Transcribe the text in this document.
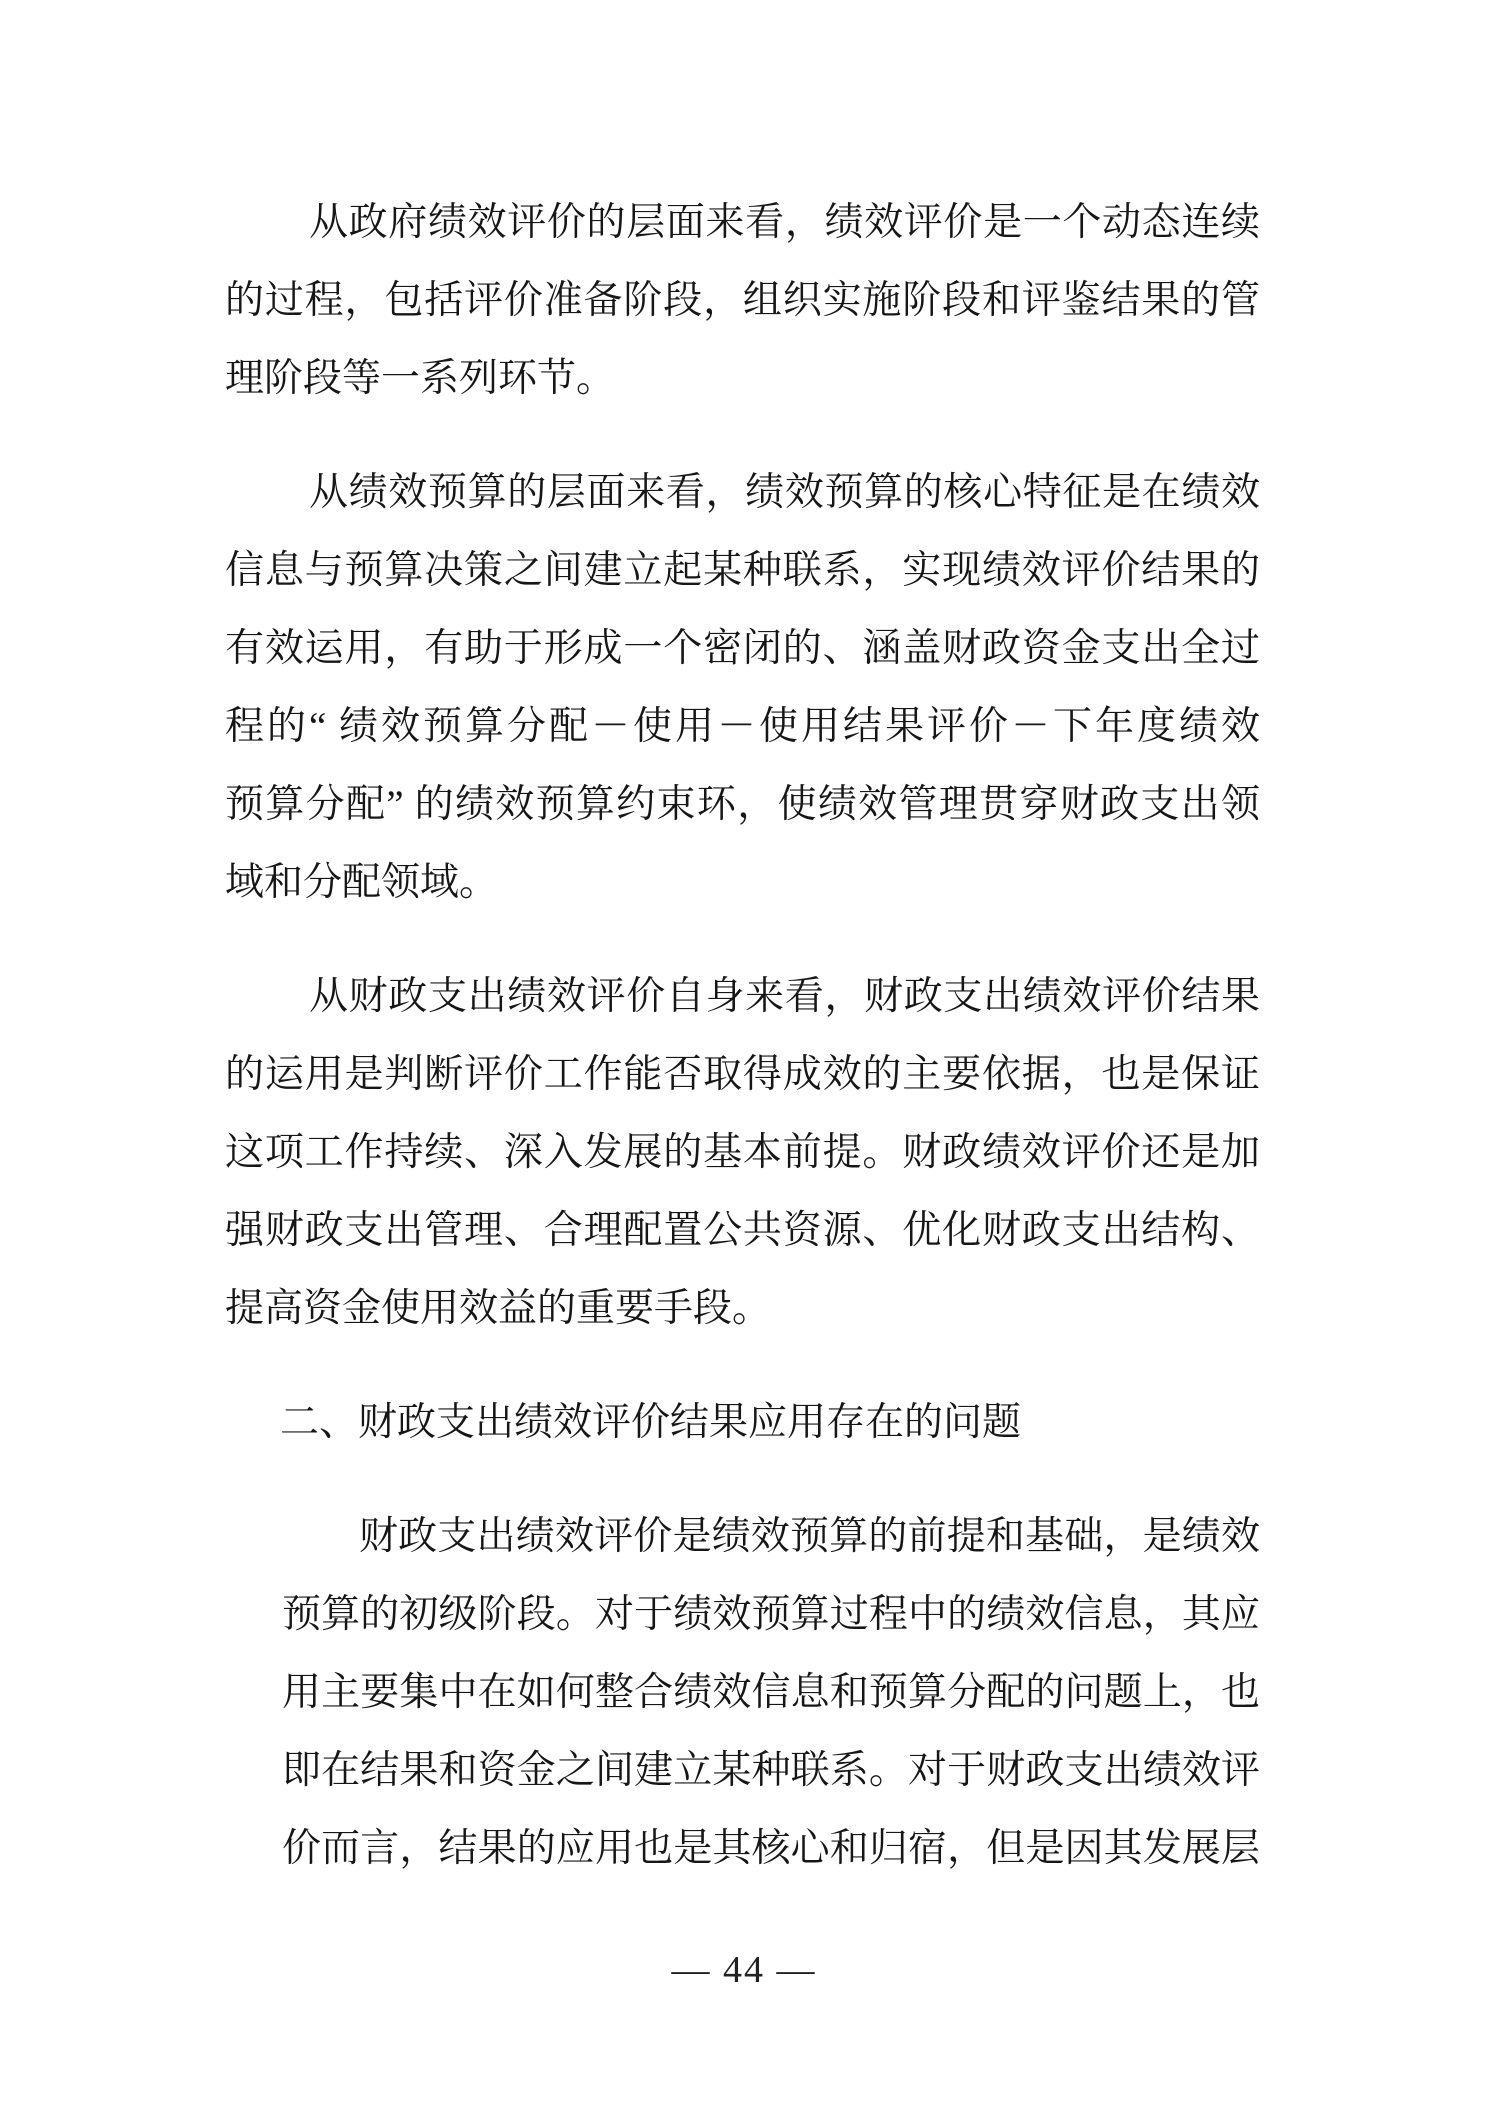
从政府绩效评价的层面来看，绩效评价是一个动态连续
的过程，包括评价准备阶段，组织实施阶段和评鉴结果的管
理阶段等一系列环节。
从绩效预算的层面来看，绩效预算的核心特征是在绩效
信息与预算决策之间建立起某种联系，实现绩效评价结果的
有效运用，有助于形成一个密闭的、涵盖财政资金支出全过
程的“ 绩效预算分配－使用－使用结果评价－下年度绩效
预算分配” 的绩效预算约束环，使绩效管理贯穿财政支出领
域和分配领域。
从财政支出绩效评价自身来看，财政支出绩效评价结果
的运用是判断评价工作能否取得成效的主要依据，也是保证
这项工作持续、深入发展的基本前提。财政绩效评价还是加
强财政支出管理、合理配置公共资源、优化财政支出结构、
提高资金使用效益的重要手段。
二、财政支出绩效评价结果应用存在的问题
财政支出绩效评价是绩效预算的前提和基础，是绩效
预算的初级阶段。对于绩效预算过程中的绩效信息，其应
用主要集中在如何整合绩效信息和预算分配的问题上，也
即在结果和资金之间建立某种联系。对于财政支出绩效评
价而言，结果的应用也是其核心和归宿，但是因其发展层
— 44 —
